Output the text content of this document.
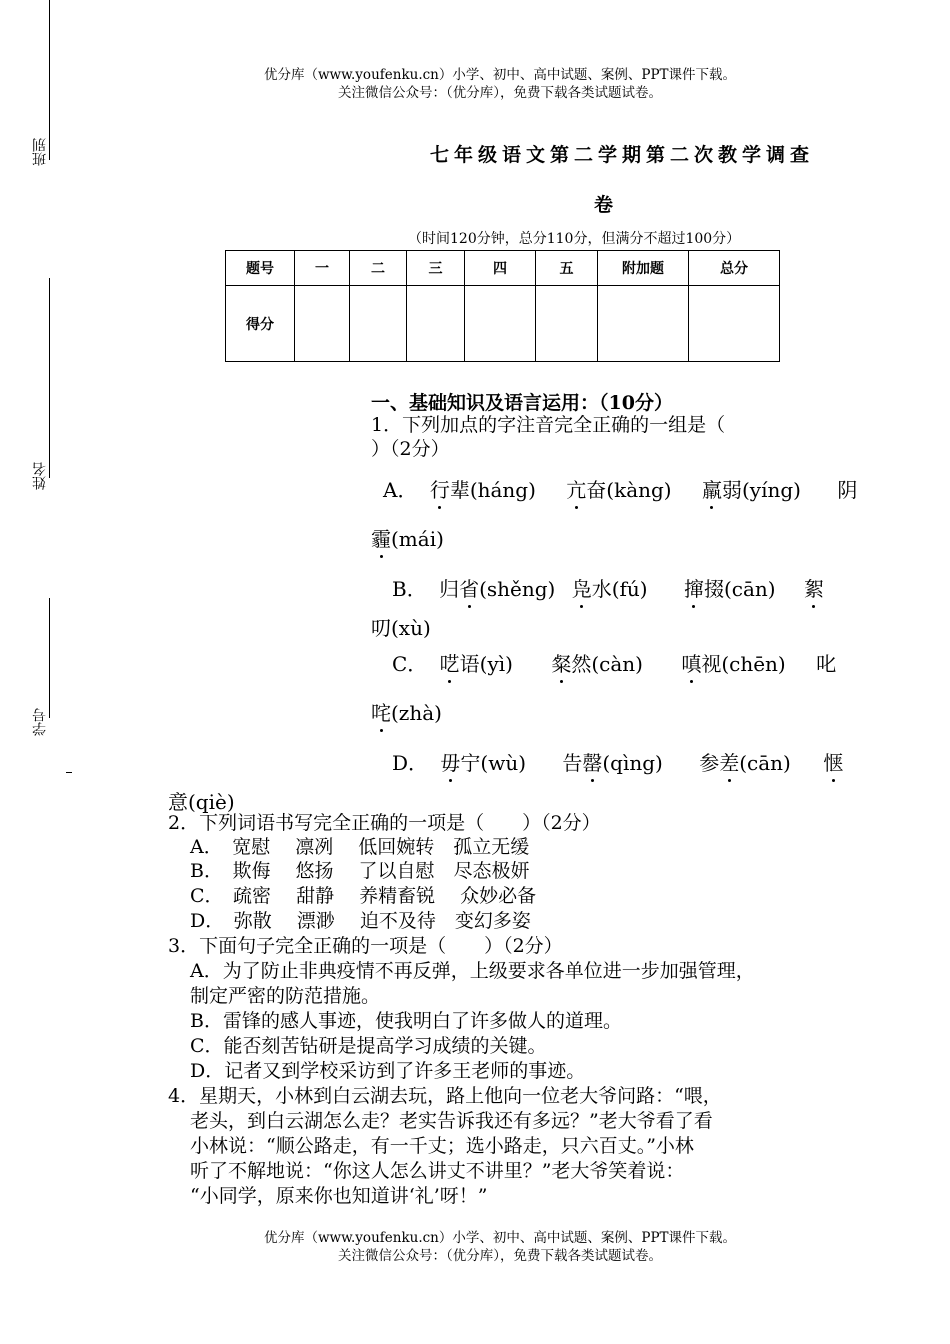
优分库（www.youfenku.cn）小学、初中、高中试题、案例、PPT课件下载。
关注微信公众号：（优分库），免费下载各类试题试卷。
班别
姓名
学号
七年级语文第二学期第二次教学调查
卷
（时间120分钟，总分110分，但满分不超过100分）
题号	一	二	三	四	五	附加题	总分
得分							
一、基础知识及语言运用：（10分）
1．下列加点的字注音完全正确的一组是（
）（2分）
A． 行辈(háng) 亢奋(kàng) 羸弱(yíng) 阴
霾(mái)
B． 归省(shěng) 凫水(fú) 撺掇(cān) 絮
叨(xù)
C． 呓语(yì) 粲然(càn) 嗔视(chēn) 叱
咤(zhà)
D． 毋宁(wù) 告罄(qìng) 参差(cān) 惬
意(qiè)
2．下列词语书写完全正确的一项是（　　）（2分）
A．　宽慰　 凛冽　 低回婉转　孤立无缓
B．　欺侮　 悠扬　 了以自慰　尽态极妍
C．　疏密　 甜静　 养精畜锐　 众妙必备
D．　弥散　 漂渺　 迫不及待　变幻多姿
3．下面句子完全正确的一项是（　　）（2分）
A．为了防止非典疫情不再反弹，上级要求各单位进一步加强管理，
制定严密的防范措施。
B．雷锋的感人事迹，使我明白了许多做人的道理。
C．能否刻苦钻研是提高学习成绩的关键。
D．记者又到学校采访到了许多王老师的事迹。
4．星期天，小林到白云湖去玩，路上他向一位老大爷问路：“喂，
老头，到白云湖怎么走？老实告诉我还有多远？”老大爷看了看
小林说：“顺公路走，有一千丈；选小路走，只六百丈。”小林
听了不解地说：“你这人怎么讲丈不讲里？”老大爷笑着说：
“小同学，原来你也知道讲‘礼’呀！”
优分库（www.youfenku.cn）小学、初中、高中试题、案例、PPT课件下载。
关注微信公众号：（优分库），免费下载各类试题试卷。
